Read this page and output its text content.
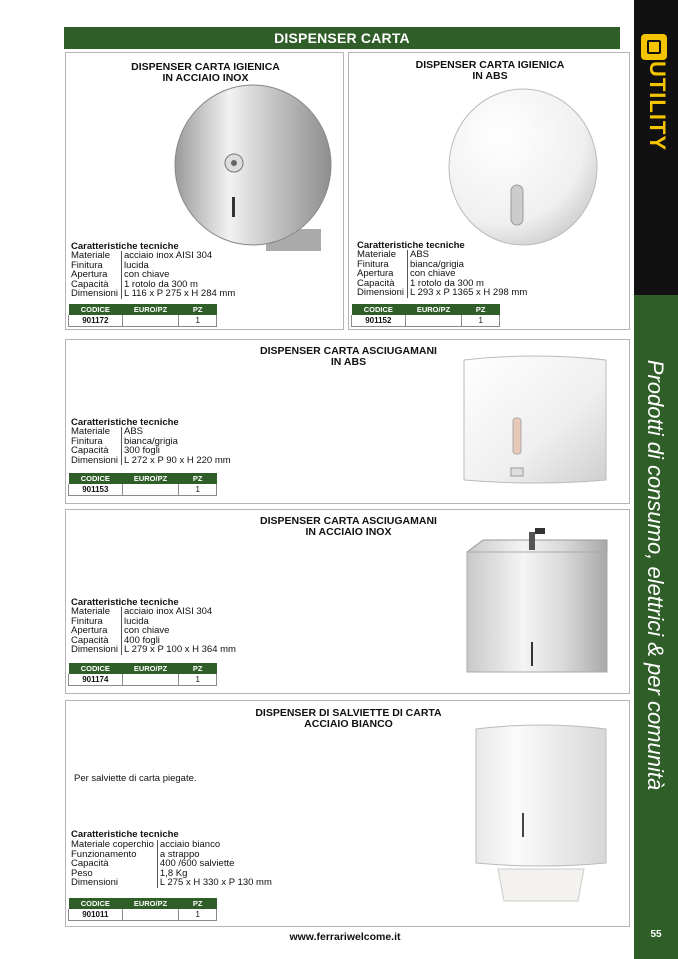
UTILITY
Prodotti di consumo, elettrici & per comunità
55
DISPENSER CARTA
DISPENSER CARTA IGIENICA
IN ACCIAIO INOX
Caratteristiche tecniche
Materiale	acciaio inox AISI 304
Finitura	lucida
Apertura	con chiave
Capacità	1 rotolo da 300 m
Dimensioni	L 116 x P 275 x H 284 mm
CODICE	EURO/PZ	PZ
901172		1
DISPENSER CARTA IGIENICA
IN ABS
Caratteristiche tecniche
Materiale	ABS
Finitura	bianca/grigia
Apertura	con chiave
Capacità	1 rotolo da 300 m
Dimensioni	L 293 x P 1365 x H 298 mm
CODICE	EURO/PZ	PZ
901152		1
DISPENSER CARTA ASCIUGAMANI
IN ABS
Caratteristiche tecniche
Materiale	ABS
Finitura	bianca/grigia
Capacità	300 fogli
Dimensioni	L 272 x P 90 x H 220 mm
CODICE	EURO/PZ	PZ
901153		1
DISPENSER CARTA ASCIUGAMANI
IN ACCIAIO INOX
Caratteristiche tecniche
Materiale	acciaio inox AISI 304
Finitura	lucida
Apertura	con chiave
Capacità	400 fogli
Dimensioni	L 279 x P 100 x H 364 mm
CODICE	EURO/PZ	PZ
901174		1
DISPENSER DI SALVIETTE DI CARTA
ACCIAIO BIANCO
Per salviette di carta piegate.
Caratteristiche tecniche
Materiale coperchio	acciaio bianco
Funzionamento	a strappo
Capacità	400 /600 salviette
Peso	1,8 Kg
Dimensioni	L 275 x H 330 x P 130 mm
CODICE	EURO/PZ	PZ
901011		1
www.ferrariwelcome.it
